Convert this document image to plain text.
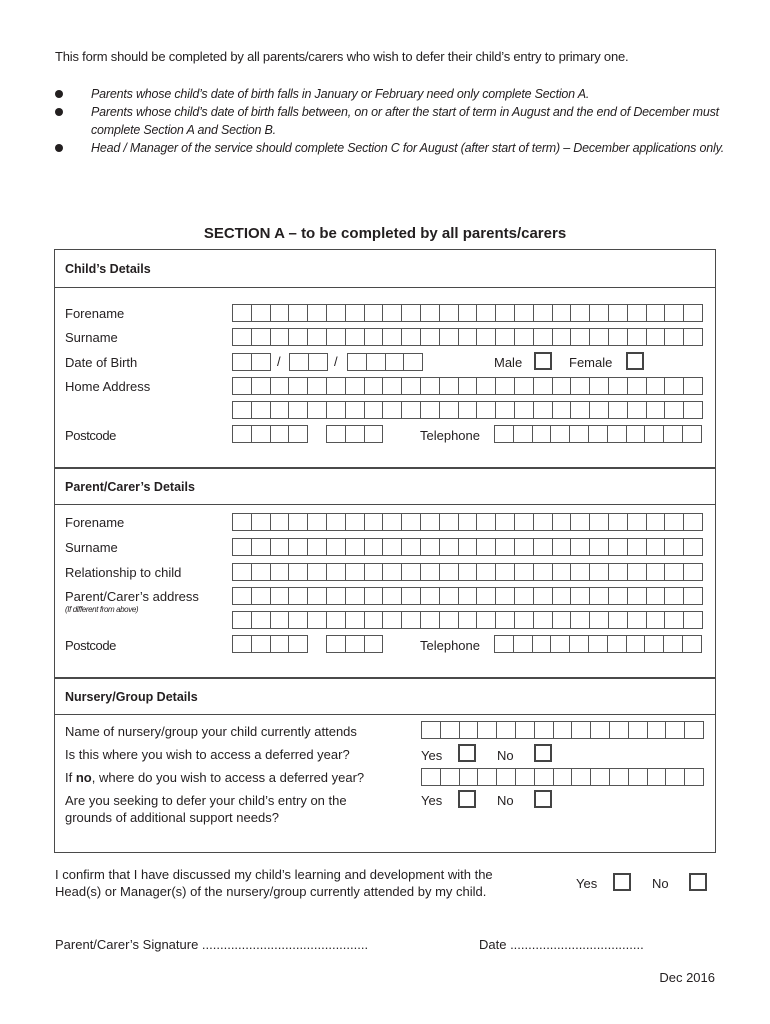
This form should be completed by all parents/carers who wish to defer their child’s entry to primary one.
Parents whose child’s date of birth falls in January or February need only complete Section A.
Parents whose child’s date of birth falls between, on or after the start of term in August and the end of December must complete Section A and Section B.
Head / Manager of the service should complete Section C for August (after start of term) – December applications only.
SECTION A – to be completed by all parents/carers
Child’s Details
Forename
Surname
Date of Birth	/	/	Male	Female
Home Address
Postcode	Telephone
Parent/Carer’s Details
Forename
Surname
Relationship to child
Parent/Carer’s address
(If different from above)
Postcode	Telephone
Nursery/Group Details
Name of nursery/group your child currently attends
Is this where you wish to access a deferred year?	Yes	No
If no, where do you wish to access a deferred year?
Are you seeking to defer your child’s entry on the
grounds of additional support needs?
Yes	No
I confirm that I have discussed my child’s learning and development with the
Head(s) or Manager(s) of the nursery/group currently attended by my child.
Yes	No
Parent/Carer’s Signature ..............................................	Date .....................................
Dec 2016
